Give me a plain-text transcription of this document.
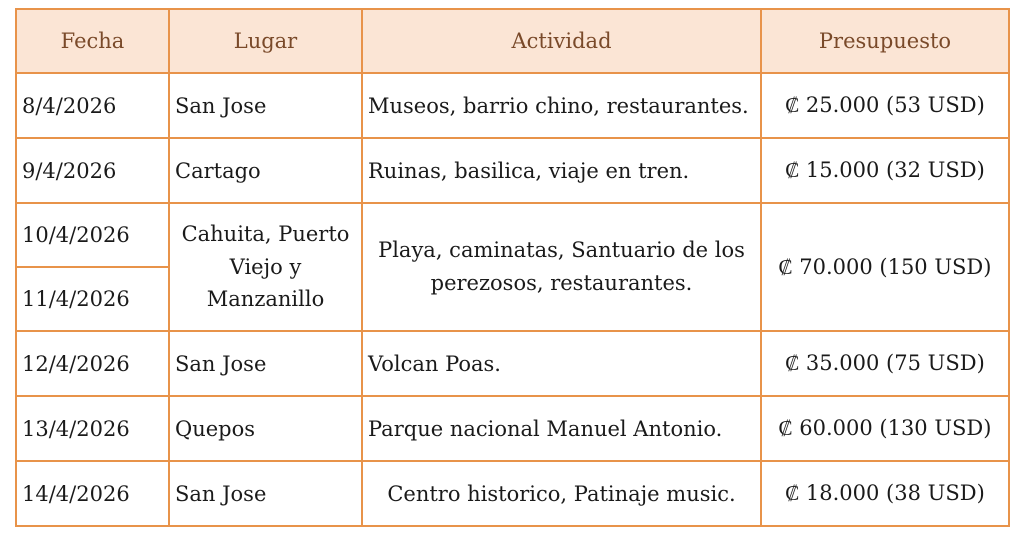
Fecha	Lugar	Actividad	Presupuesto
8/4/2026	San Jose	Museos, barrio chino, restaurantes.	₡ 25.000 (53 USD)
9/4/2026	Cartago	Ruinas, basilica, viaje en tren.	₡ 15.000 (32 USD)
10/4/2026	Cahuita, Puerto Viejo y Manzanillo	Playa, caminatas, Santuario de los perezosos, restaurantes.	₡ 70.000 (150 USD)
11/4/2026			
12/4/2026	San Jose	Volcan Poas.	₡ 35.000 (75 USD)
13/4/2026	Quepos	Parque nacional Manuel Antonio.	₡ 60.000 (130 USD)
14/4/2026	San Jose	Centro historico, Patinaje music.	₡ 18.000 (38 USD)
